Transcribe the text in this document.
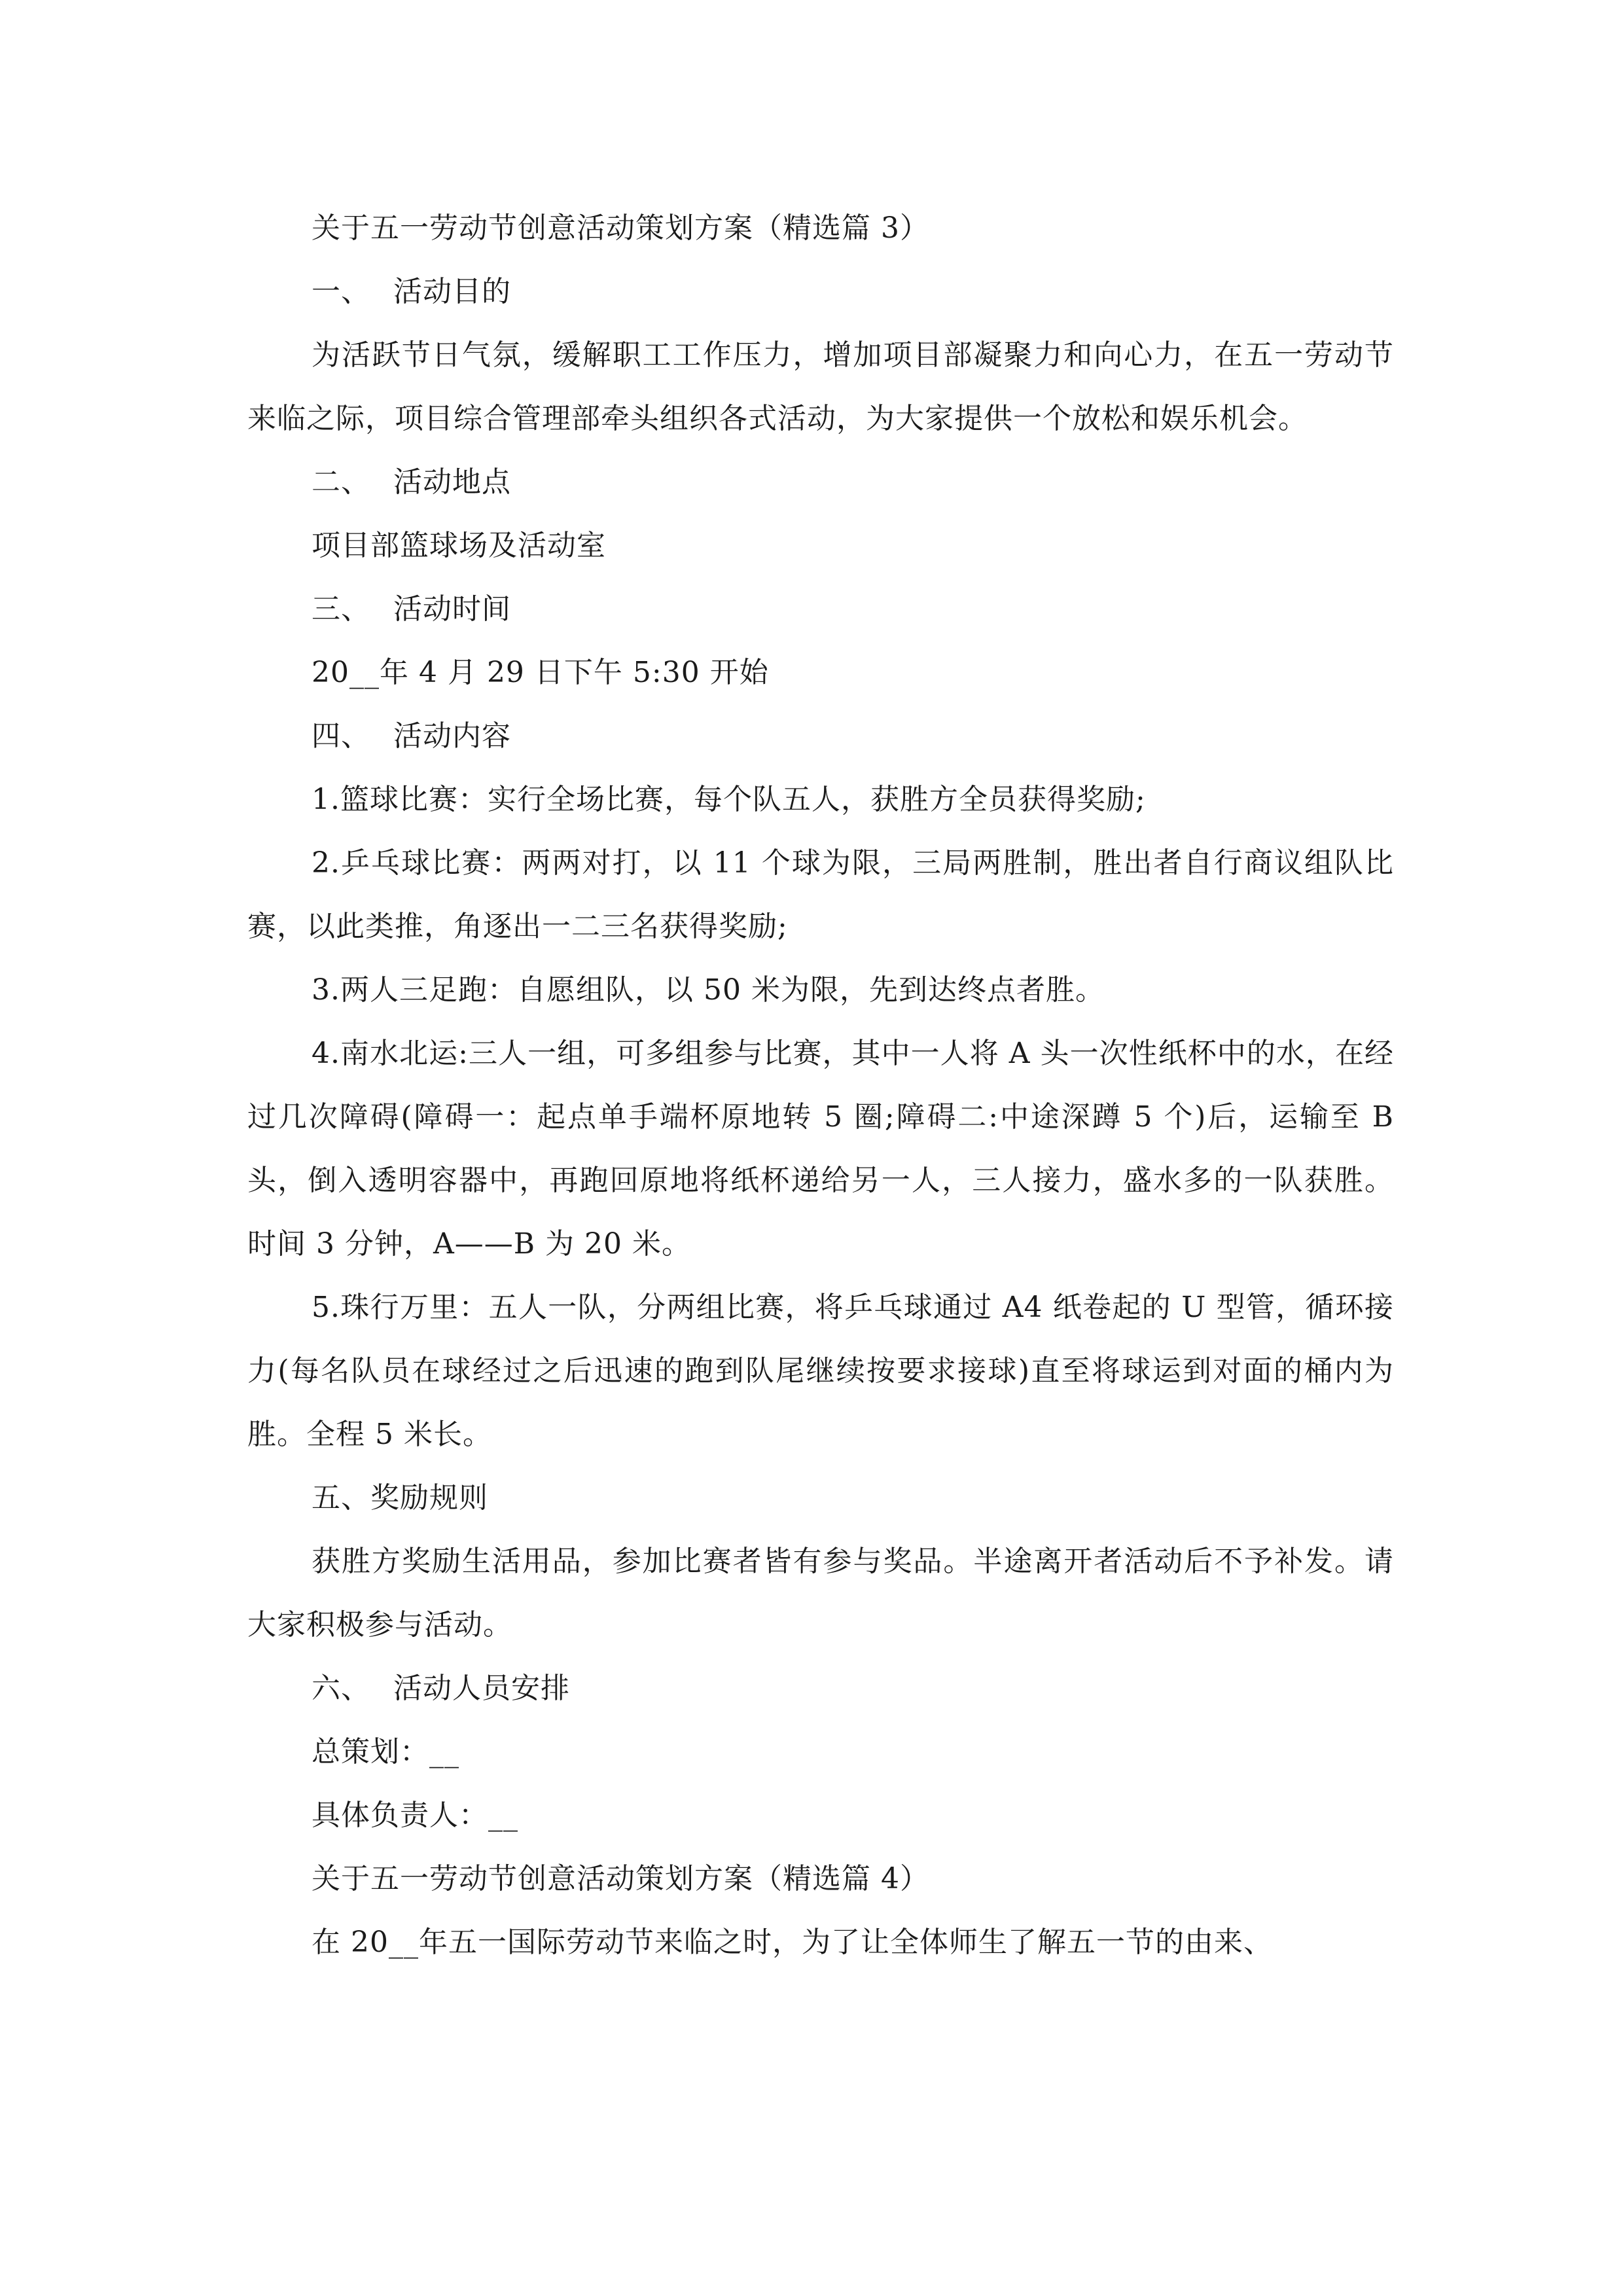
关于五一劳动节创意活动策划方案（精选篇 3）
一、 活动目的
为活跃节日气氛，缓解职工工作压力，增加项目部凝聚力和向心力，在五一劳动节来临之际，项目综合管理部牵头组织各式活动，为大家提供一个放松和娱乐机会。
二、 活动地点
项目部篮球场及活动室
三、 活动时间
20__年 4 月 29 日下午 5:30 开始
四、 活动内容
1.篮球比赛：实行全场比赛，每个队五人，获胜方全员获得奖励;
2.乒乓球比赛：两两对打，以 11 个球为限，三局两胜制，胜出者自行商议组队比赛，以此类推，角逐出一二三名获得奖励;
3.两人三足跑：自愿组队，以 50 米为限，先到达终点者胜。
4.南水北运:三人一组，可多组参与比赛，其中一人将 A 头一次性纸杯中的水，在经过几次障碍(障碍一：起点单手端杯原地转 5 圈;障碍二:中途深蹲 5 个)后，运输至 B 头，倒入透明容器中，再跑回原地将纸杯递给另一人，三人接力，盛水多的一队获胜。时间 3 分钟，A——B 为 20 米。
5.珠行万里：五人一队，分两组比赛，将乒乓球通过 A4 纸卷起的 U 型管，循环接力(每名队员在球经过之后迅速的跑到队尾继续按要求接球)直至将球运到对面的桶内为胜。全程 5 米长。
五、奖励规则
获胜方奖励生活用品，参加比赛者皆有参与奖品。半途离开者活动后不予补发。请大家积极参与活动。
六、 活动人员安排
总策划：__
具体负责人：__
关于五一劳动节创意活动策划方案（精选篇 4）
在 20__年五一国际劳动节来临之时，为了让全体师生了解五一节的由来、
